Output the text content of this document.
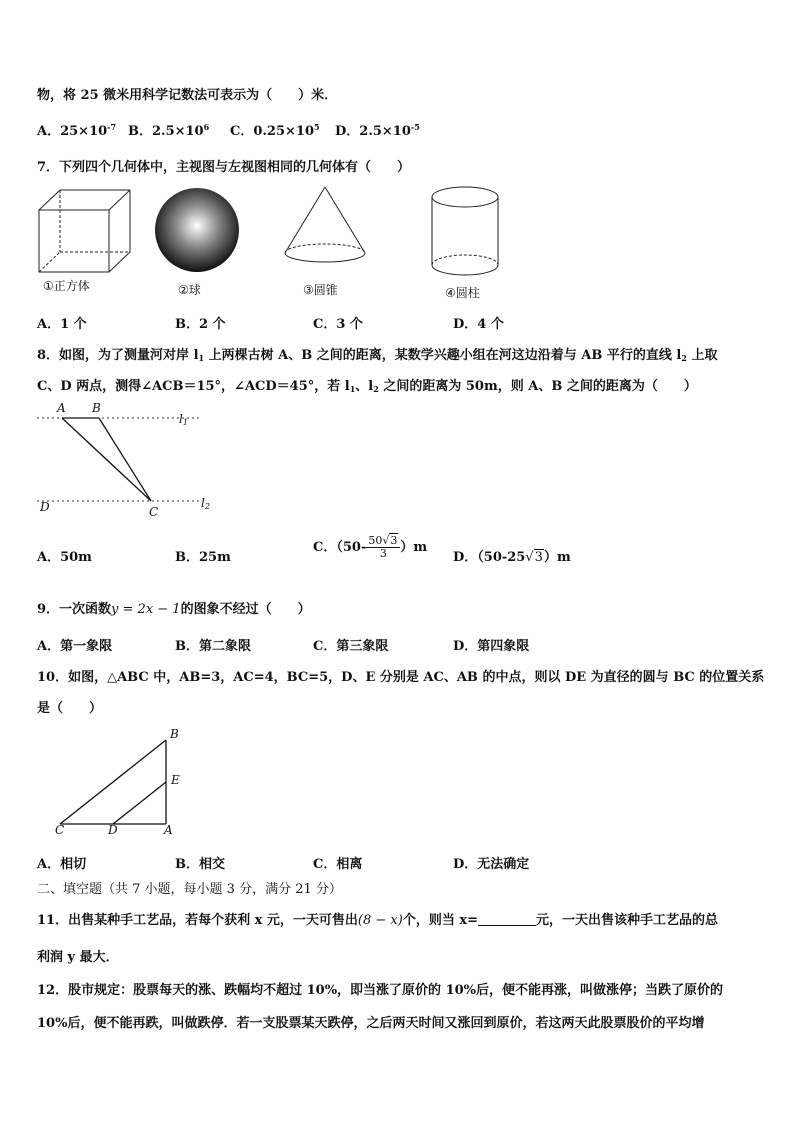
物，将 25 微米用科学记数法可表示为（　　）米．
A．$25\times 10^{-7}$ B．$2.5\times 10^6$ C．$0.25\times 10^5$ D．$2.5\times 10^{-5}$
7．下列四个几何体中，主视图与左视图相同的几何体有（　　）
①正方体	②球	③圆锥	④圆柱
A．1 个	B．2 个	C．3 个	D．4 个
8．如图，为了测量河对岸 $l_1$ 上两棵古树 A、B 之间的距离，某数学兴趣小组在河这边沿着与 AB 平行的直线 $l_2$ 上取
C、D 两点，测得∠ACB＝15°，∠ACD＝45°，若 $l_1$、$l_2$ 之间的距离为 50m，则 A、B 之间的距离为（　　）
A B
D	C
$l_1$
$l_2$
A．50m	B．25m
C．$(50- \frac{50√3}{3} )m$
D．（50-25√3）m
9．一次函数y = 2x − 1的图象不经过（　　）
A．第一象限	B．第二象限	C．第三象限	D．第四象限
10．如图，△ABC 中，AB=3，AC=4，BC=5，D、E 分别是 AC、AB 的中点，则以 DE 为直径的圆与 BC 的位置关系
是（　　）
B
E
C	D	A
A．相切	B．相交	C．相离	D．无法确定
二、填空题（共 7 小题，每小题 3 分，满分 21 分）
11．出售某种手工艺品，若每个获利 x 元，一天可售出(8 − x)个，则当 x=	元，一天出售该种手工艺品的总
利润 y 最大．
12．股市规定：股票每天的涨、跌幅均不超过 10%，即当涨了原价的 10%后，便不能再涨，叫做涨停；当跌了原价的
10%后，便不能再跌，叫做跌停．若一支股票某天跌停，之后两天时间又涨回到原价，若这两天此股票股价的平均增
